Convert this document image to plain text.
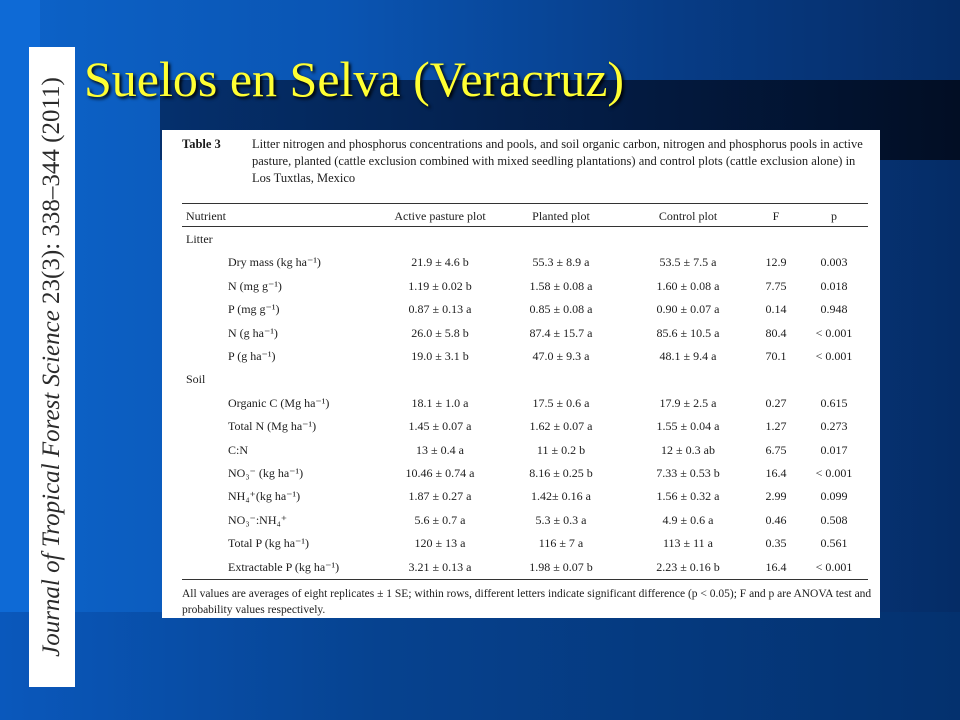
Suelos en Selva (Veracruz)
Journal of Tropical Forest Science 23(3): 338–344 (2011)	Table 3 Litter nitrogen and phosphorus concentrations and pools, and soil organic carbon, nitrogen and phosphorus pools in active pasture, planted (cattle exclusion combined with mixed seedling plantations) and control plots (cattle exclusion alone) in Los Tuxtlas, Mexico
Nutrient	Active pasture plot	Planted plot	Control plot	F	p
Litter
Dry mass (kg ha⁻¹)	21.9 ± 4.6 b	55.3 ± 8.9 a	53.5 ± 7.5 a	12.9	0.003
N (mg g⁻¹)	1.19 ± 0.02 b	1.58 ± 0.08 a	1.60 ± 0.08 a	7.75	0.018
P (mg g⁻¹)	0.87 ± 0.13 a	0.85 ± 0.08 a	0.90 ± 0.07 a	0.14	0.948
N (g ha⁻¹)	26.0 ± 5.8 b	87.4 ± 15.7 a	85.6 ± 10.5 a	80.4 < 0.001
P (g ha⁻¹)	19.0 ± 3.1 b	47.0 ± 9.3 a	48.1 ± 9.4 a	70.1 < 0.001
Soil
Organic C (Mg ha⁻¹)	18.1 ± 1.0 a	17.5 ± 0.6 a	17.9 ± 2.5 a	0.27	0.615
Total N (Mg ha⁻¹)	1.45 ± 0.07 a	1.62 ± 0.07 a	1.55 ± 0.04 a	1.27	0.273
C:N	13 ± 0.4 a	11 ± 0.2 b	12 ± 0.3 ab	6.75	0.017
NO₃⁻ (kg ha⁻¹)	10.46 ± 0.74 a	8.16 ± 0.25 b	7.33 ± 0.53 b	16.4 < 0.001
NH₄⁺(kg ha⁻¹)	1.87 ± 0.27 a	1.42± 0.16 a	1.56 ± 0.32 a	2.99	0.099
NO₃⁻:NH₄⁺	5.6 ± 0.7 a	5.3 ± 0.3 a	4.9 ± 0.6 a	0.46	0.508
Total P (kg ha⁻¹)	120 ± 13 a	116 ± 7 a	113 ± 11 a	0.35	0.561
Extractable P (kg ha⁻¹)	3.21 ± 0.13 a	1.98 ± 0.07 b	2.23 ± 0.16 b	16.4 < 0.001
All values are averages of eight replicates ± 1 SE; within rows, different letters indicate significant difference (p < 0.05); F and p are ANOVA test and probability values respectively.
